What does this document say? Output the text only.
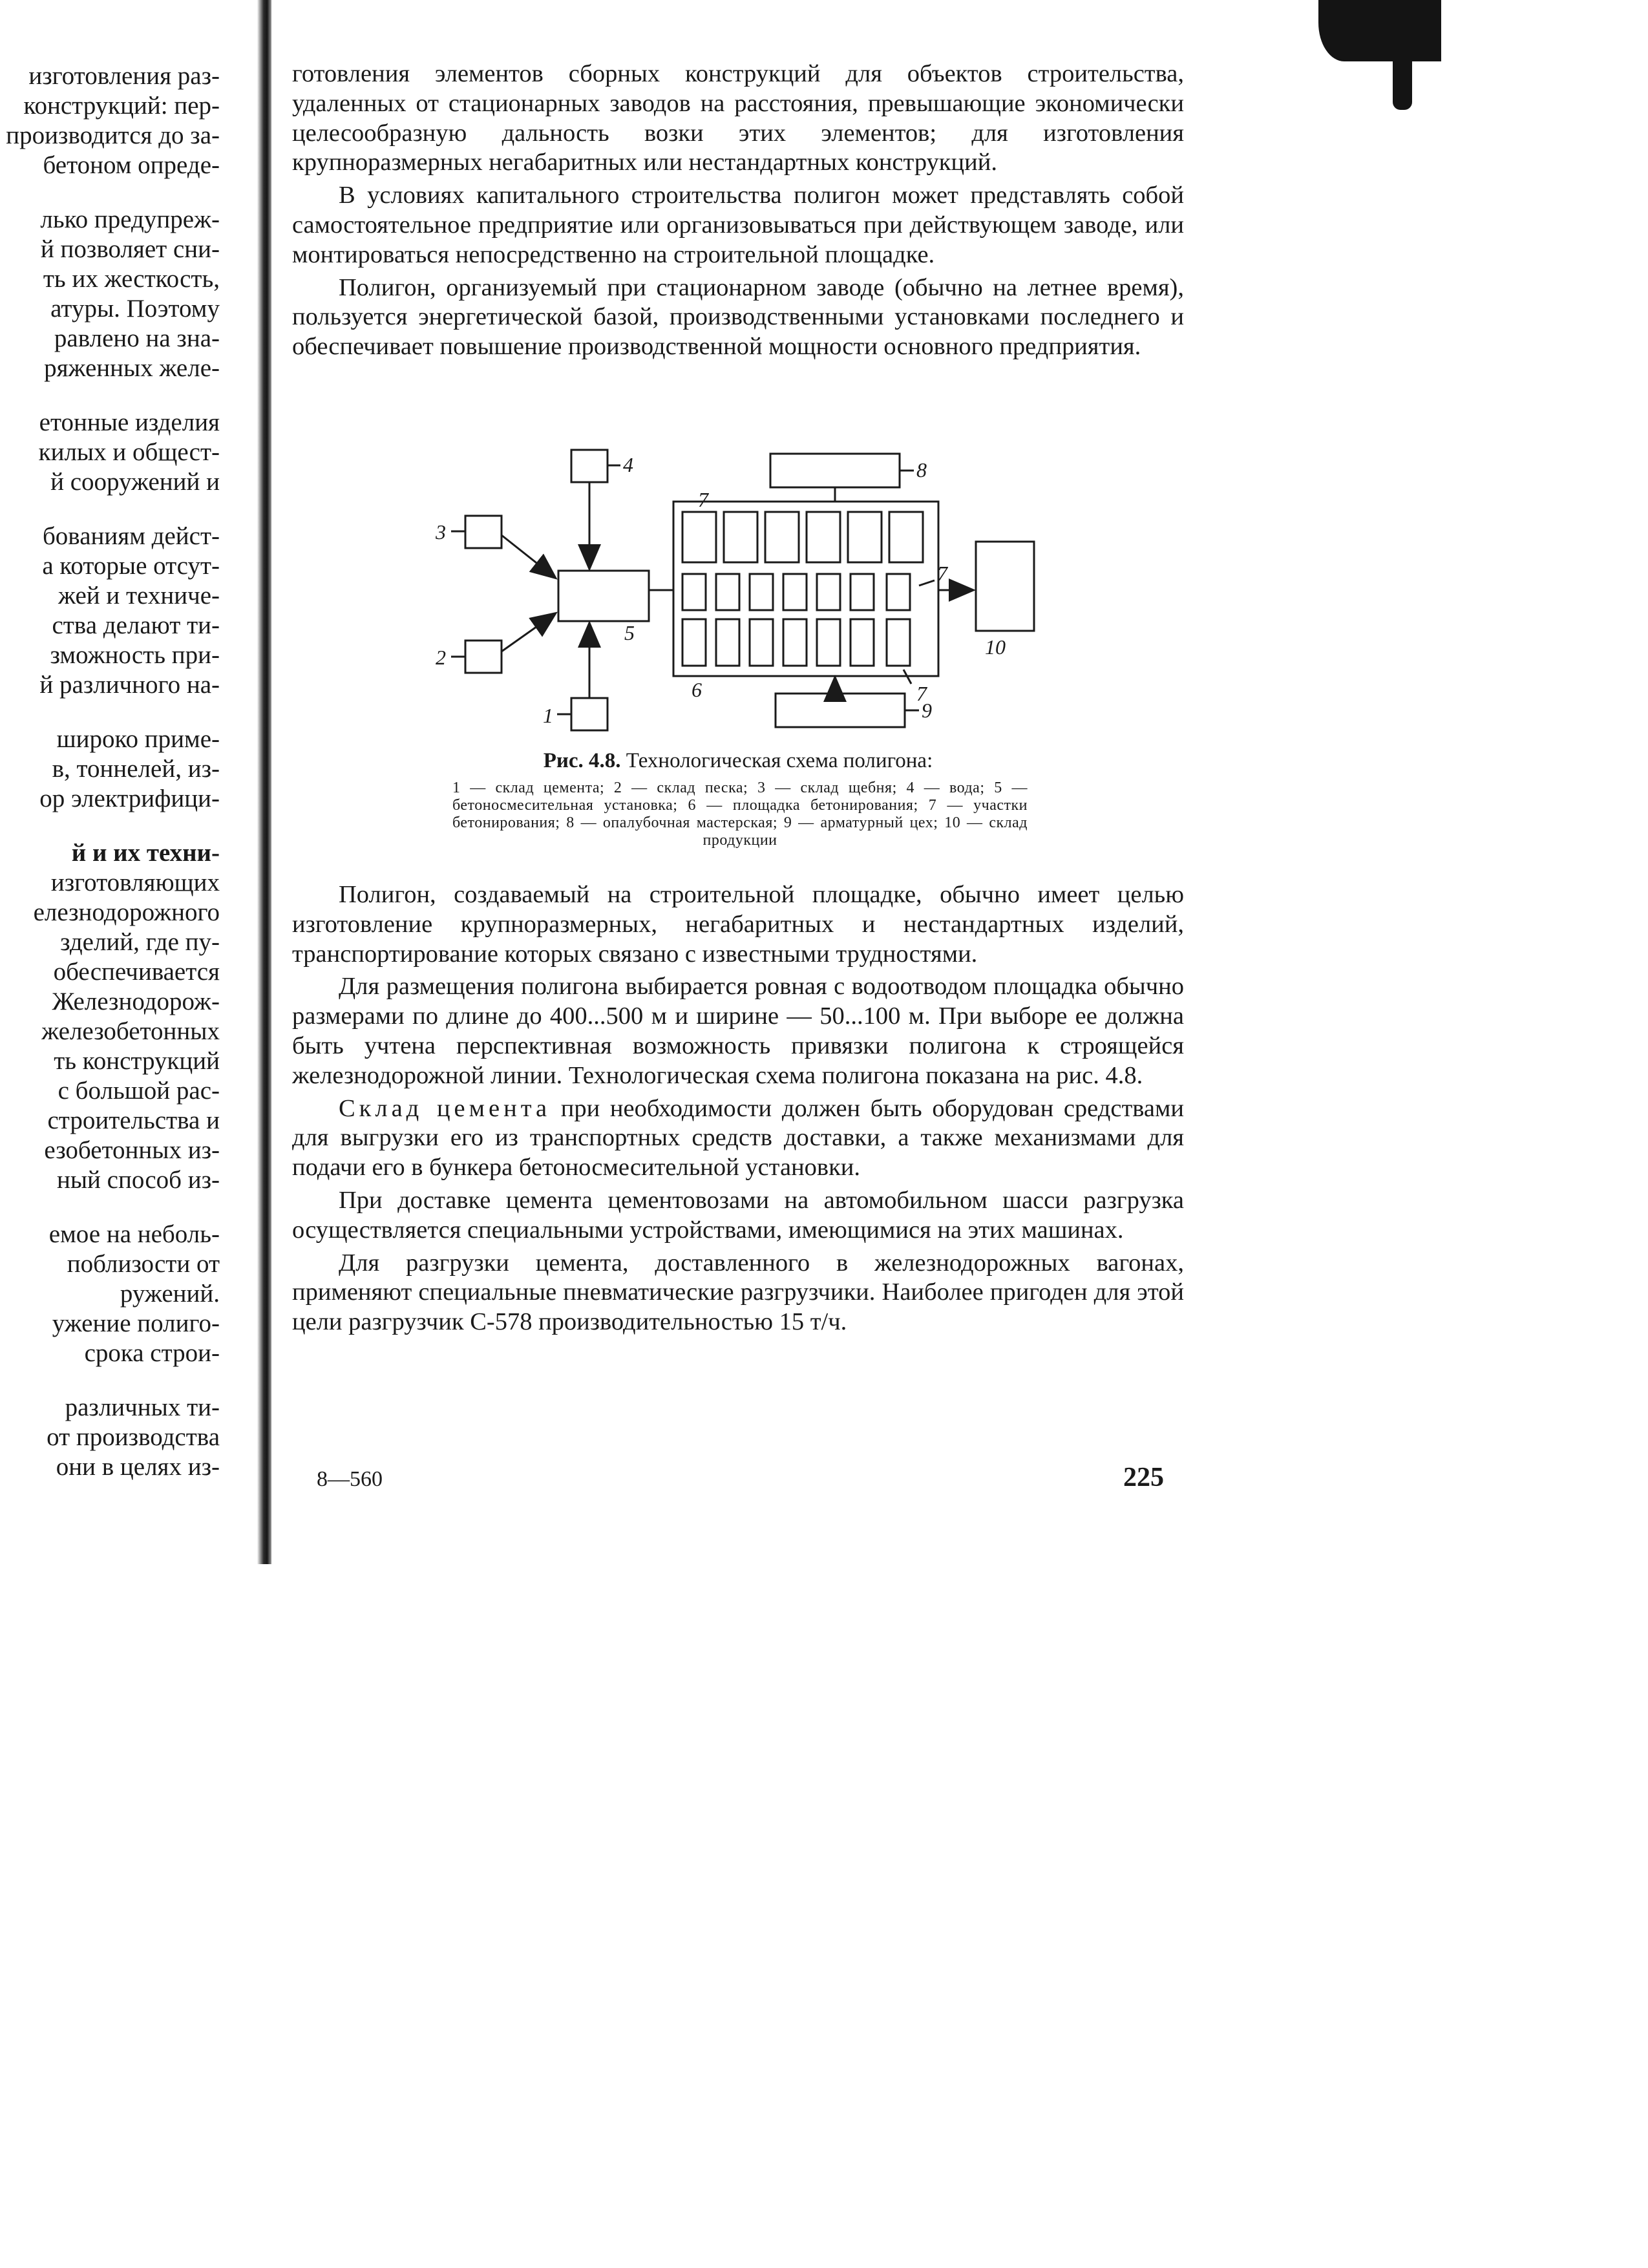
изготовления раз-
конструкций: пер-
производится до за-
бетоном опреде-
лько предупреж-
й позволяет сни-
ть их жесткость,
атуры. Поэтому
равлено на зна-
ряженных желе-
етонные изделия
килых и общест-
й сооружений и
бованиям дейст-
а которые отсут-
жей и техниче-
ства делают ти-
зможность при-
й различного на-
широко приме-
в, тоннелей, из-
ор электрифици-
й и их техни-
изготовляющих
елезнодорожного
зделий, где пу-
обеспечивается
Железнодорож-
железобетонных
ть конструкций
с большой рас-
строительства и
езобетонных из-
ный способ из-
емое на неболь-
поблизости от
ружений.
ужение полиго-
срока строи-
различных ти-
от производства
они в целях из-

готовления элементов сборных конструкций для объектов строительства, удаленных от стационарных заводов на расстояния, превышающие экономически целесообразную дальность возки этих элементов; для изготовления крупноразмерных негабаритных или нестандартных конструкций.

В условиях капитального строительства полигон может представлять собой самостоятельное предприятие или организовываться при действующем заводе, или монтироваться непосредственно на строительной площадке.

Полигон, организуемый при стационарном заводе (обычно на летнее время), пользуется энергетической базой, производственными установками последнего и обеспечивает повышение производственной мощности основного предприятия.

4
3
2
1
5
6
7
7
7
8
9
10
Рис. 4.8. Технологическая схема полигона:
1 — склад цемента; 2 — склад песка; 3 — склад щебня; 4 — вода; 5 — бетоносмесительная установка; 6 — площадка бетонирования; 7 — участки бетонирования; 8 — опалубочная мастерская; 9 — арматурный цех; 10 — склад продукции

Полигон, создаваемый на строительной площадке, обычно имеет целью изготовление крупноразмерных, негабаритных и нестандартных изделий, транспортирование которых связано с известными трудностями.

Для размещения полигона выбирается ровная с водоотводом площадка обычно размерами по длине до 400...500 м и ширине — 50...100 м. При выборе ее должна быть учтена перспективная возможность привязки полигона к строящейся железнодорожной линии. Технологическая схема полигона показана на рис. 4.8.

Склад цемента при необходимости должен быть оборудован средствами для выгрузки его из транспортных средств доставки, а также механизмами для подачи его в бункера бетоносмесительной установки.

При доставке цемента цементовозами на автомобильном шасси разгрузка осуществляется специальными устройствами, имеющимися на этих машинах.

Для разгрузки цемента, доставленного в железнодорожных вагонах, применяют специальные пневматические разгрузчики. Наиболее пригоден для этой цели разгрузчик С-578 производительностью 15 т/ч.

8—560	225
